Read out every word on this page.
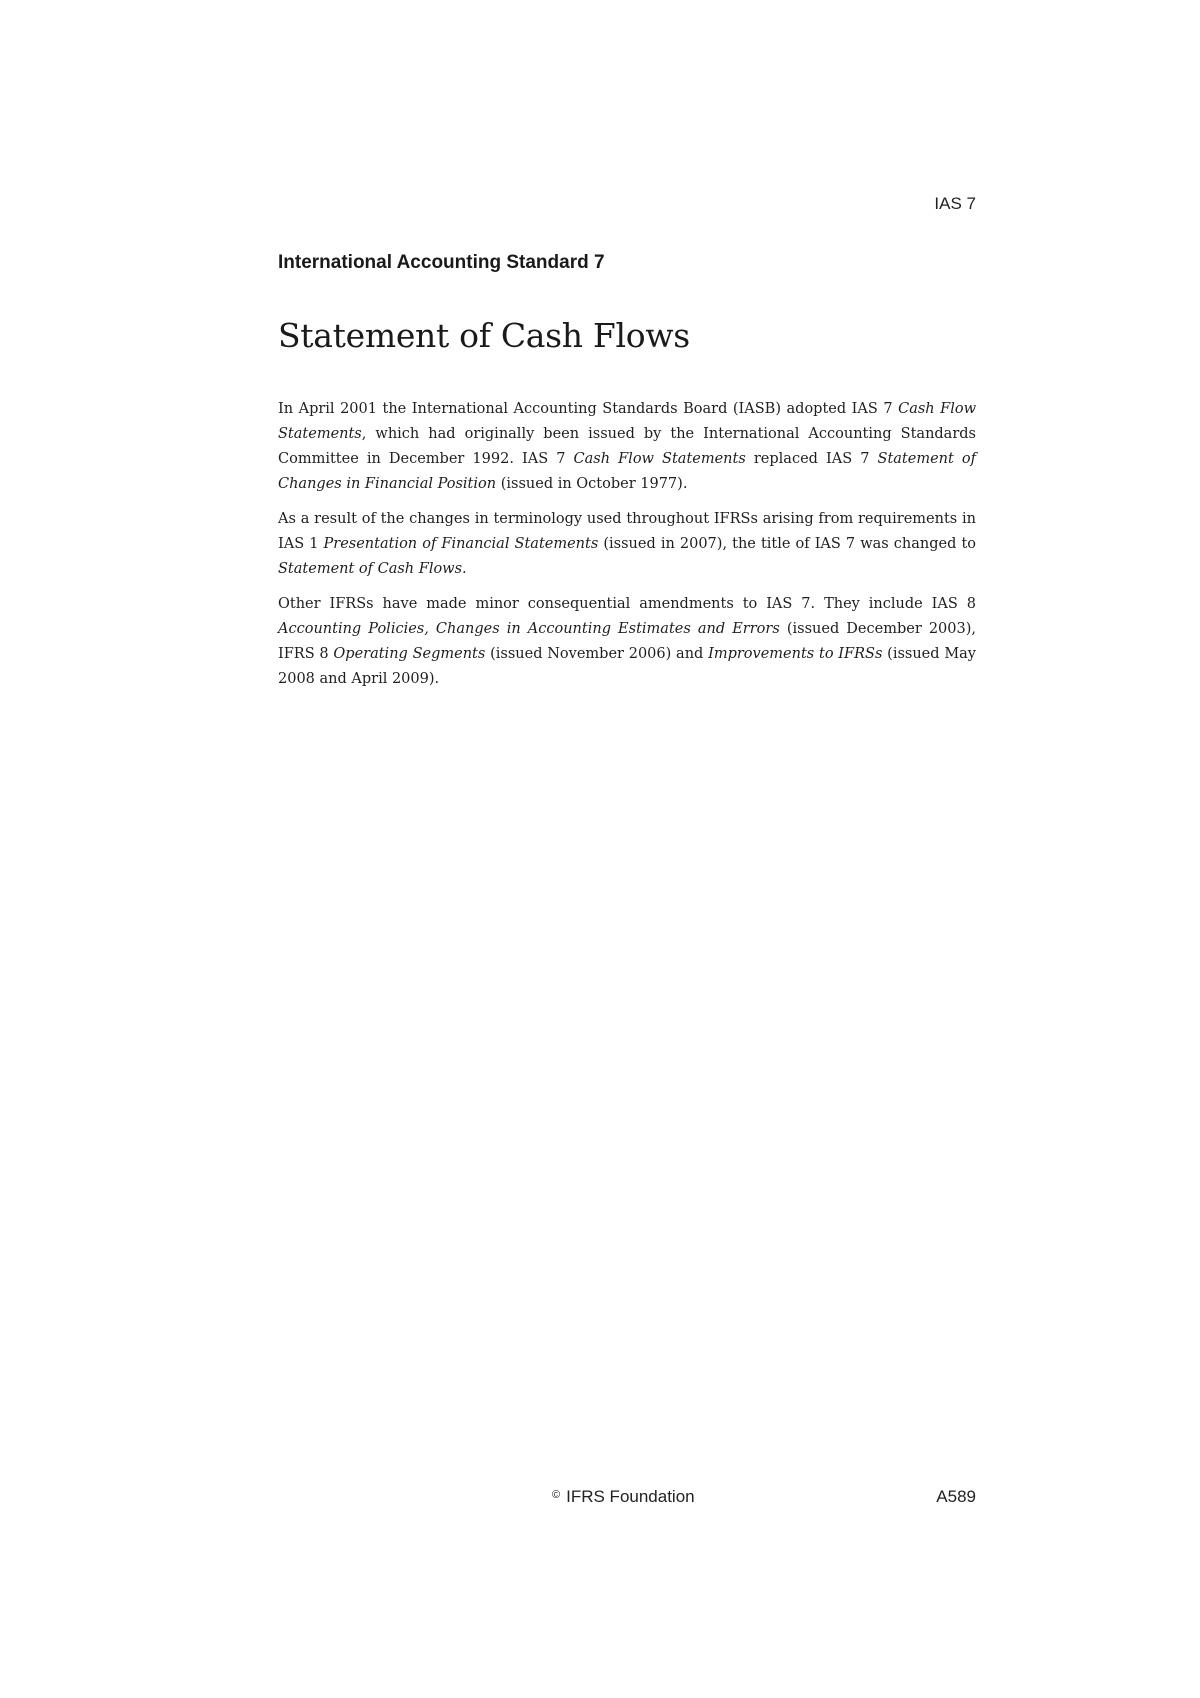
IAS 7
International Accounting Standard 7
Statement of Cash Flows

In April 2001 the International Accounting Standards Board (IASB) adopted IAS 7 Cash Flow Statements, which had originally been issued by the International Accounting Standards Committee in December 1992. IAS 7 Cash Flow Statements replaced IAS 7 Statement of Changes in Financial Position (issued in October 1977).

As a result of the changes in terminology used throughout IFRSs arising from requirements in IAS 1 Presentation of Financial Statements (issued in 2007), the title of IAS 7 was changed to Statement of Cash Flows.

Other IFRSs have made minor consequential amendments to IAS 7. They include IAS 8 Accounting Policies, Changes in Accounting Estimates and Errors (issued December 2003), IFRS 8 Operating Segments (issued November 2006) and Improvements to IFRSs (issued May 2008 and April 2009).

© IFRS Foundation	A589
